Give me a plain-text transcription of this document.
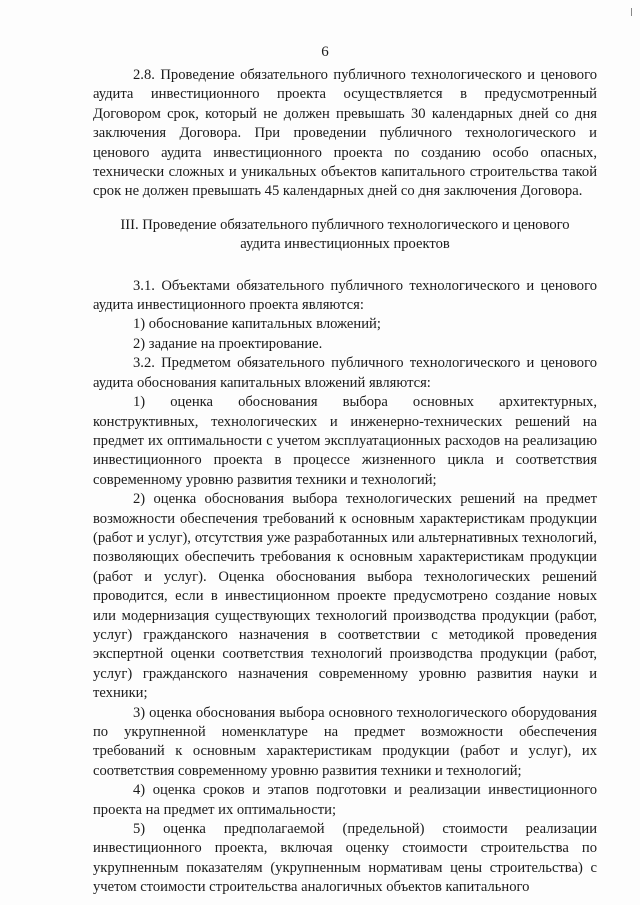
6

2.8. Проведение обязательного публичного технологического и ценового аудита инвестиционного проекта осуществляется в предусмотренный Договором срок, который не должен превышать 30 календарных дней со дня заключения Договора. При проведении публичного технологического и ценового аудита инвестиционного проекта по созданию особо опасных, технически сложных и уникальных объектов капитального строительства такой срок не должен превышать 45 календарных дней со дня заключения Договора.

III. Проведение обязательного публичного технологического и ценового аудита инвестиционных проектов

3.1. Объектами обязательного публичного технологического и ценового аудита инвестиционного проекта являются:

1) обоснование капитальных вложений;

2) задание на проектирование.

3.2. Предметом обязательного публичного технологического и ценового аудита обоснования капитальных вложений являются:

1) оценка обоснования выбора основных архитектурных, конструктивных, технологических и инженерно-технических решений на предмет их оптимальности с учетом эксплуатационных расходов на реализацию инвестиционного проекта в процессе жизненного цикла и соответствия современному уровню развития техники и технологий;

2) оценка обоснования выбора технологических решений на предмет возможности обеспечения требований к основным характеристикам продукции (работ и услуг), отсутствия уже разработанных или альтернативных технологий, позволяющих обеспечить требования к основным характеристикам продукции (работ и услуг). Оценка обоснования выбора технологических решений проводится, если в инвестиционном проекте предусмотрено создание новых или модернизация существующих технологий производства продукции (работ, услуг) гражданского назначения в соответствии с методикой проведения экспертной оценки соответствия технологий производства продукции (работ, услуг) гражданского назначения современному уровню развития науки и техники;

3) оценка обоснования выбора основного технологического оборудования по укрупненной номенклатуре на предмет возможности обеспечения требований к основным характеристикам продукции (работ и услуг), их соответствия современному уровню развития техники и технологий;

4) оценка сроков и этапов подготовки и реализации инвестиционного проекта на предмет их оптимальности;

5) оценка предполагаемой (предельной) стоимости реализации инвестиционного проекта, включая оценку стоимости строительства по укрупненным показателям (укрупненным нормативам цены строительства) с учетом стоимости строительства аналогичных объектов капитального
